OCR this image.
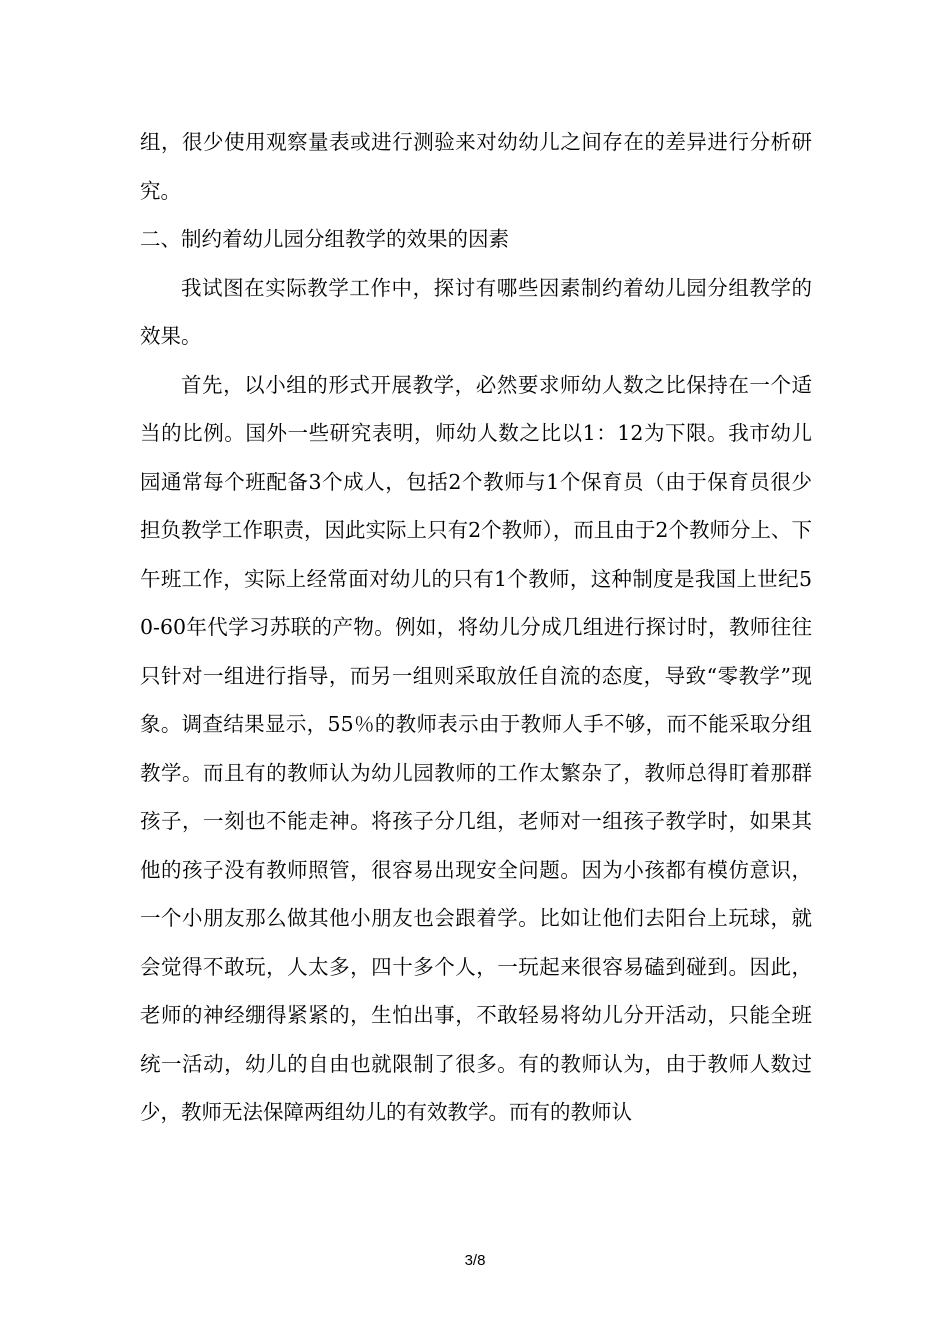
组，很少使用观察量表或进行测验来对幼幼儿之间存在的差异进行分析研究。

二、制约着幼儿园分组教学的效果的因素

我试图在实际教学工作中，探讨有哪些因素制约着幼儿园分组教学的效果。

首先，以小组的形式开展教学，必然要求师幼人数之比保持在一个适当的比例。国外一些研究表明，师幼人数之比以1：12为下限。我市幼儿园通常每个班配备3个成人，包括2个教师与1个保育员（由于保育员很少担负教学工作职责，因此实际上只有2个教师），而且由于2个教师分上、下午班工作，实际上经常面对幼儿的只有1个教师，这种制度是我国上世纪50-60年代学习苏联的产物。例如，将幼儿分成几组进行探讨时，教师往往只针对一组进行指导，而另一组则采取放任自流的态度，导致“零教学”现象。调查结果显示，55％的教师表示由于教师人手不够，而不能采取分组教学。而且有的教师认为幼儿园教师的工作太繁杂了，教师总得盯着那群孩子，一刻也不能走神。将孩子分几组，老师对一组孩子教学时，如果其他的孩子没有教师照管，很容易出现安全问题。因为小孩都有模仿意识，一个小朋友那么做其他小朋友也会跟着学。比如让他们去阳台上玩球，就会觉得不敢玩，人太多，四十多个人，一玩起来很容易磕到碰到。因此，老师的神经绷得紧紧的，生怕出事，不敢轻易将幼儿分开活动，只能全班统一活动，幼儿的自由也就限制了很多。有的教师认为，由于教师人数过少，教师无法保障两组幼儿的有效教学。而有的教师认

3/8
